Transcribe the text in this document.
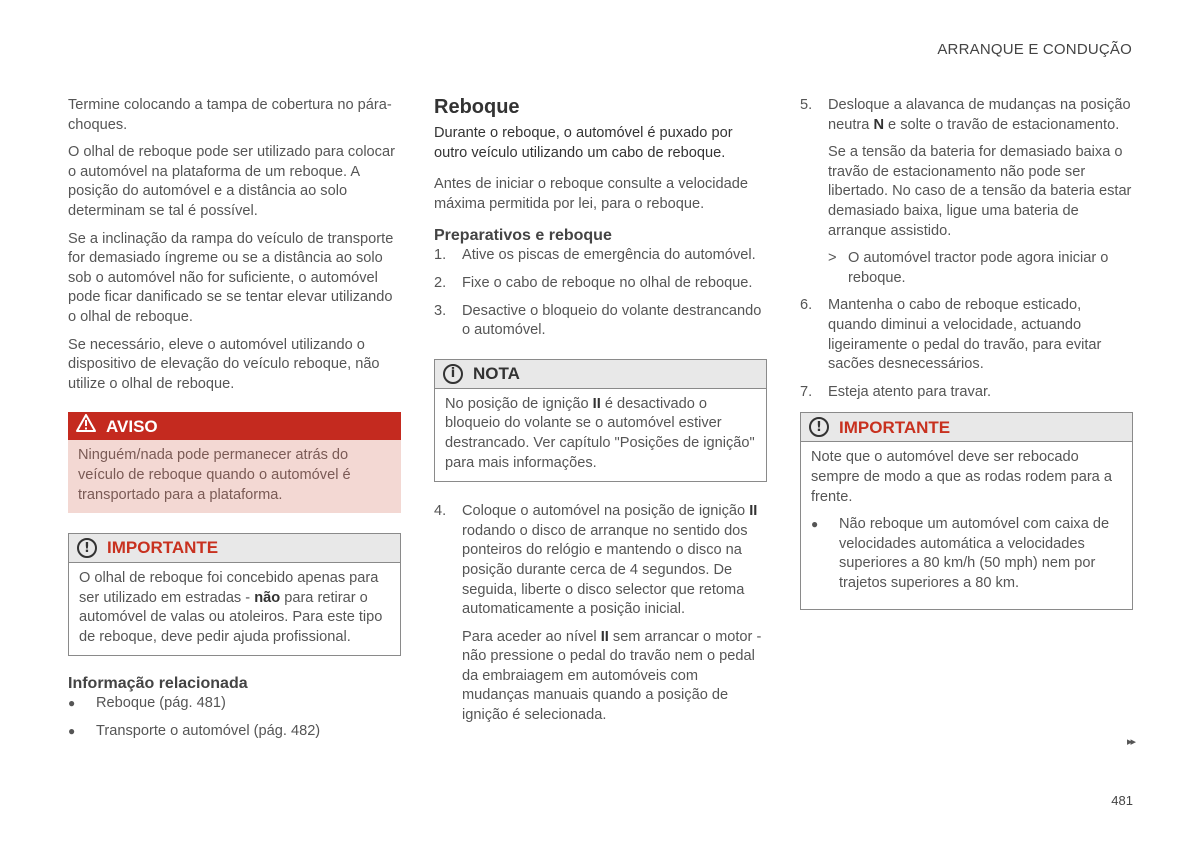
ARRANQUE E CONDUÇÃO

Termine colocando a tampa de cobertura no pára-choques.

O olhal de reboque pode ser utilizado para colocar o automóvel na plataforma de um reboque. A posição do automóvel e a distância ao solo determinam se tal é possível.

Se a inclinação da rampa do veículo de transporte for demasiado íngreme ou se a distância ao solo sob o automóvel não for suficiente, o automóvel pode ficar danificado se se tentar elevar utilizando o olhal de reboque.

Se necessário, eleve o automóvel utilizando o dispositivo de elevação do veículo reboque, não utilize o olhal de reboque.

AVISO
Ninguém/nada pode permanecer atrás do veículo de reboque quando o automóvel é transportado para a plataforma.
!	IMPORTANTE
O olhal de reboque foi concebido apenas para ser utilizado em estradas - não para retirar o automóvel de valas ou atoleiros. Para este tipo de reboque, deve pedir ajuda profissional.
Informação relacionada
●	Reboque (pág. 481)
●	Transporte o automóvel (pág. 482)
Reboque

Durante o reboque, o automóvel é puxado por outro veículo utilizando um cabo de reboque.

Antes de iniciar o reboque consulte a velocidade máxima permitida por lei, para o reboque.

Preparativos e reboque
1.	Ative os piscas de emergência do automóvel.
2.	Fixe o cabo de reboque no olhal de reboque.
3.	Desactive o bloqueio do volante destrancando o automóvel.
i	NOTA
No posição de ignição II é desactivado o bloqueio do volante se o automóvel estiver destrancado. Ver capítulo "Posições de ignição" para mais informações.
4.	Coloque o automóvel na posição de ignição II rodando o disco de arranque no sentido dos ponteiros do relógio e mantendo o disco na posição durante cerca de 4 segundos. De seguida, liberte o disco selector que retoma automaticamente a posição inicial.

Para aceder ao nível II sem arrancar o motor - não pressione o pedal do travão nem o pedal da embraiagem em automóveis com mudanças manuais quando a posição de ignição é selecionada.

5.	Desloque a alavanca de mudanças na posição neutra N e solte o travão de estacionamento.

Se a tensão da bateria for demasiado baixa o travão de estacionamento não pode ser libertado. No caso de a tensão da bateria estar demasiado baixa, ligue uma bateria de arranque assistido.

> O automóvel tractor pode agora iniciar o reboque.
6.	Mantenha o cabo de reboque esticado, quando diminui a velocidade, actuando ligeiramente o pedal do travão, para evitar sacões desnecessários.
7.	Esteja atento para travar.
!	IMPORTANTE

Note que o automóvel deve ser rebocado sempre de modo a que as rodas rodem para a frente.

●	Não reboque um automóvel com caixa de velocidades automática a velocidades superiores a 80 km/h (50 mph) nem por trajetos superiores a 80 km.
▸▸
481
